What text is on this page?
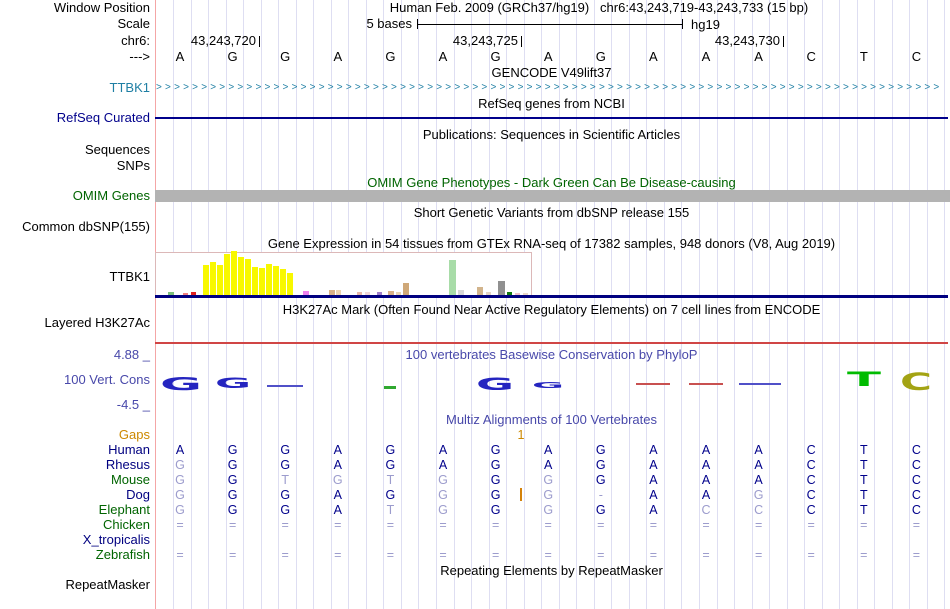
Window Position	Human Feb. 2009 (GRCh37/hg19)   chr6:43,243,719-43,243,733 (15 bp)
Scale	5 bases	hg19
chr6:	43,243,720	43,243,725	43,243,730
--->	A	G	G	A	G	A	G	A	G	A	A	A	C	T	C
GENCODE V49lift37
TTBK1 >>>>>>>>>>>>>>>>>>>>>>>>>>>>>>>>>>>>>>>>>>>>>>>>>>>>>>>>>>>>>>>>>>>>>>>>>>>>>>>>>>>>>>>
RefSeq genes from NCBI
RefSeq Curated
Publications: Sequences in Scientific Articles
Sequences
SNPs
OMIM Gene Phenotypes - Dark Green Can Be Disease-causing
OMIM Genes
Short Genetic Variants from dbSNP release 155
Common dbSNP(155)
Gene Expression in 54 tissues from GTEx RNA-seq of 17382 samples, 948 donors (V8, Aug 2019)
TTBK1
H3K27Ac Mark (Often Found Near Active Regulatory Elements) on 7 cell lines from ENCODE
Layered H3K27Ac
4.88 _	100 vertebrates Basewise Conservation by PhyloP
100 Vert. Cons
-4.5 _
G G	G G	T C
Multiz Alignments of 100 Vertebrates
Gaps
Human	A	G	G	A	G	A	G	A	G	A	A	A	C	T	C
Rhesus	G	G	G	A	G	A	G	A	G	A	A	A	C	T	C
Mouse	G	G	T	G	T	G	G	G	G	A	A	A	C	T	C
Dog	G	G	G	A	G	G	G	G	-	A	A	G	C	T	C
Elephant	G	G	G	A	T	G	G	G	G	A	C	C	C	T	C
Chicken	=	=	=	=	=	=	=	=	=	=	=	=	=	=	=
X_tropicalis
Zebrafish	=	=	=	=	=	=	=	=	=	=	=	=	=	=	=
1
Repeating Elements by RepeatMasker
RepeatMasker
